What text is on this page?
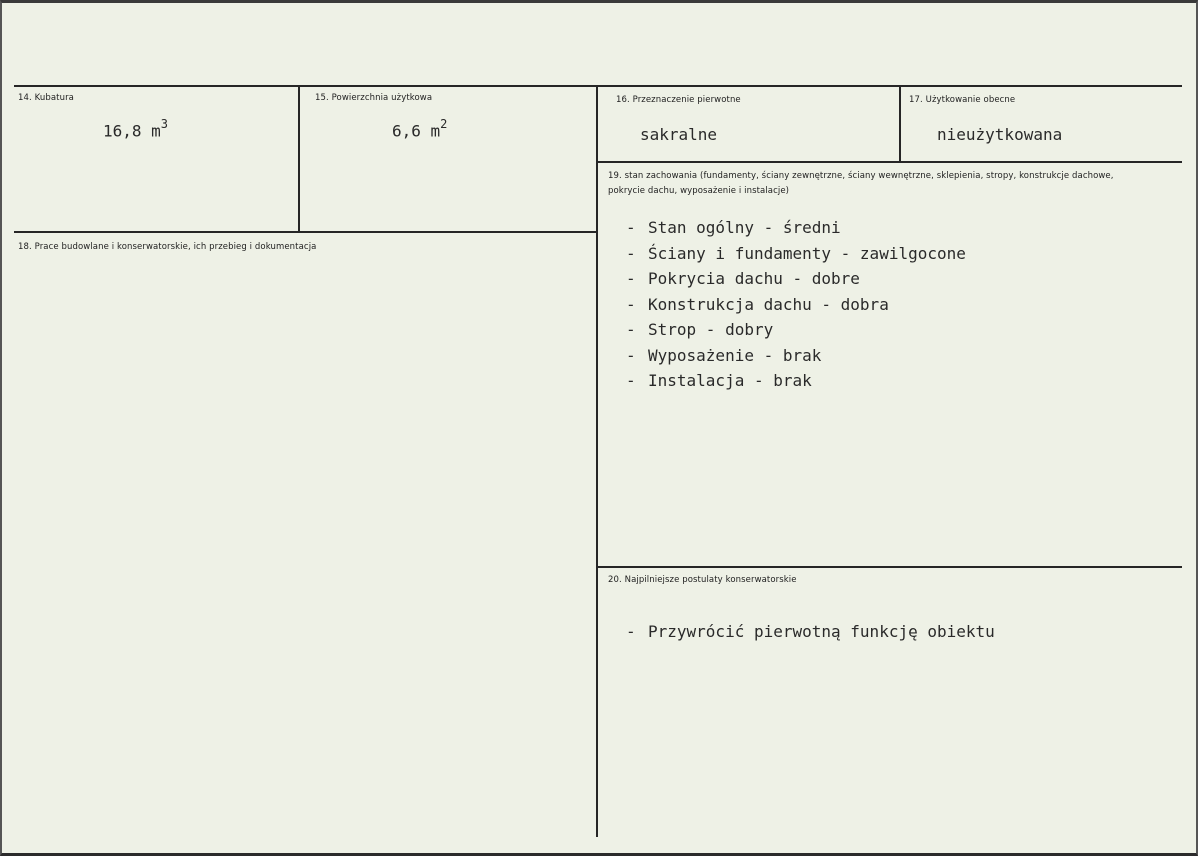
14. Kubatura
16,8 $m^3$
15. Powierzchnia użytkowa
6,6 $m^2$
16. Przeznaczenie pierwotne
sakralne
17. Użytkowanie obecne
nieużytkowana
18. Prace budowlane i konserwatorskie, ich przebieg i dokumentacja
19. stan zachowania (fundamenty, ściany zewnętrzne, ściany wewnętrzne, sklepienia, stropy, konstrukcje dachowe, pokrycie dachu, wyposażenie i instalacje)
- Stan ogólny - średni
- Ściany i fundamenty - zawilgocone
- Pokrycia dachu - dobre
- Konstrukcja dachu - dobra
- Strop - dobry
- Wyposażenie - brak
- Instalacja - brak
20. Najpilniejsze postulaty konserwatorskie
- Przywrócić pierwotną funkcję obiektu
